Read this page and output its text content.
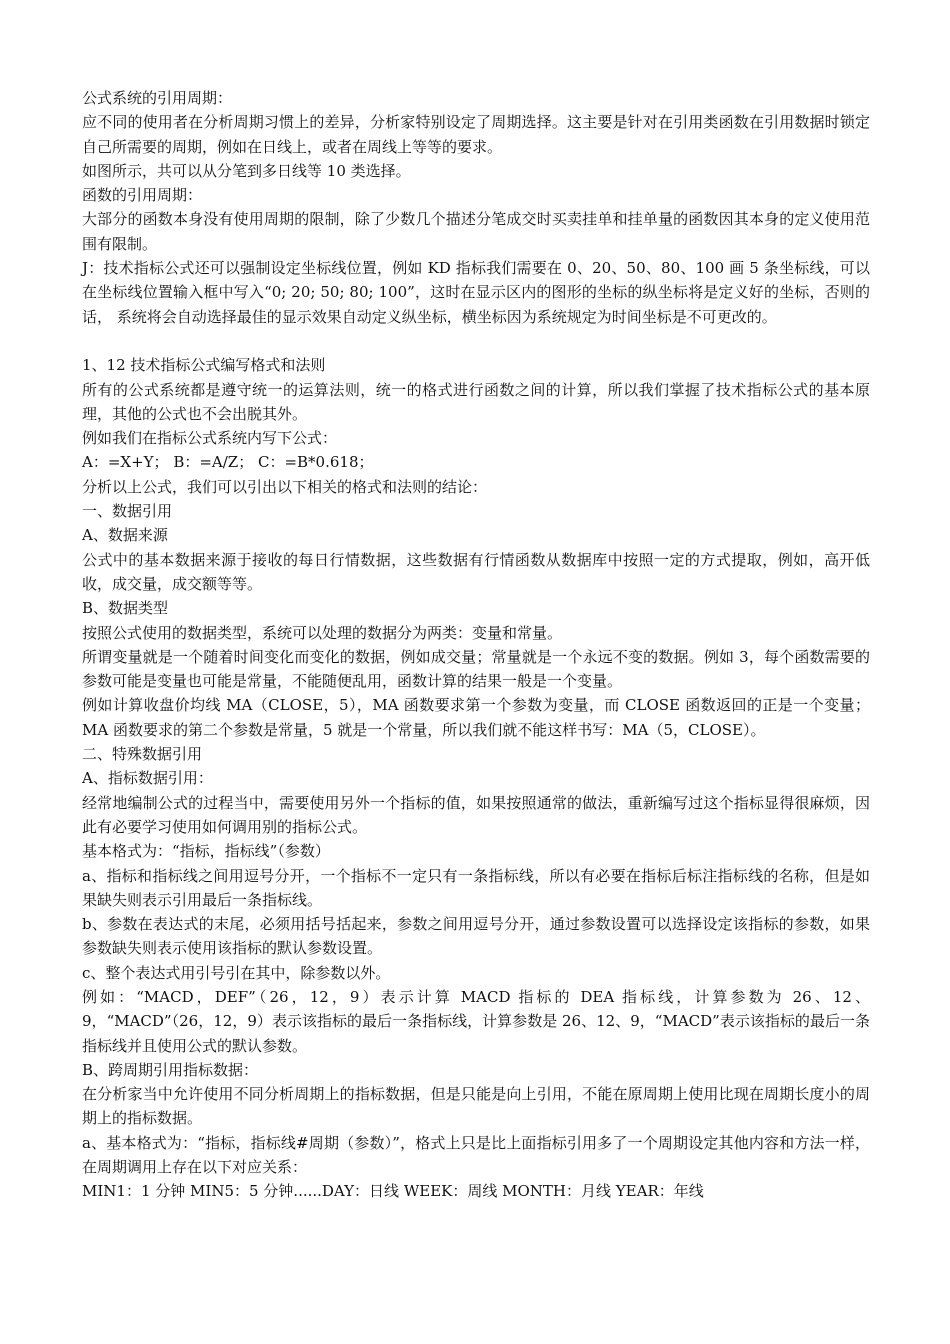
公式系统的引用周期：

应不同的使用者在分析周期习惯上的差异，分析家特别设定了周期选择。这主要是针对在引用类函数在引用数据时锁定自己所需要的周期，例如在日线上，或者在周线上等等的要求。

如图所示，共可以从分笔到多日线等 10 类选择。

函数的引用周期：

大部分的函数本身没有使用周期的限制，除了少数几个描述分笔成交时买卖挂单和挂单量的函数因其本身的定义使用范围有限制。

J：技术指标公式还可以强制设定坐标线位置，例如 KD 指标我们需要在 0、20、50、80、100 画 5 条坐标线，可以在坐标线位置输入框中写入“0; 20; 50; 80; 100”，这时在显示区内的图形的坐标的纵坐标将是定义好的坐标，否则的话， 系统将会自动选择最佳的显示效果自动定义纵坐标，横坐标因为系统规定为时间坐标是不可更改的。

1、12 技术指标公式编写格式和法则

所有的公式系统都是遵守统一的运算法则，统一的格式进行函数之间的计算，所以我们掌握了技术指标公式的基本原理，其他的公式也不会出脱其外。

例如我们在指标公式系统内写下公式：

A：=X+Y； B：=A/Z； C：=B*0.618；

分析以上公式，我们可以引出以下相关的格式和法则的结论：

一、数据引用

A、数据来源

公式中的基本数据来源于接收的每日行情数据，这些数据有行情函数从数据库中按照一定的方式提取，例如，高开低收，成交量，成交额等等。

B、数据类型

按照公式使用的数据类型，系统可以处理的数据分为两类：变量和常量。

所谓变量就是一个随着时间变化而变化的数据，例如成交量；常量就是一个永远不变的数据。例如 3，每个函数需要的参数可能是变量也可能是常量，不能随便乱用，函数计算的结果一般是一个变量。

例如计算收盘价均线 MA（CLOSE，5），MA 函数要求第一个参数为变量，而 CLOSE 函数返回的正是一个变量；MA 函数要求的第二个参数是常量，5 就是一个常量，所以我们就不能这样书写：MA（5，CLOSE）。

二、特殊数据引用

A、指标数据引用：

经常地编制公式的过程当中，需要使用另外一个指标的值，如果按照通常的做法，重新编写过这个指标显得很麻烦，因此有必要学习使用如何调用别的指标公式。

基本格式为：“指标，指标线”（参数）

a、指标和指标线之间用逗号分开，一个指标不一定只有一条指标线，所以有必要在指标后标注指标线的名称，但是如果缺失则表示引用最后一条指标线。

b、参数在表达式的末尾，必须用括号括起来，参数之间用逗号分开，通过参数设置可以选择设定该指标的参数，如果参数缺失则表示使用该指标的默认参数设置。

c、整个表达式用引号引在其中，除参数以外。

例如：“MACD，DEF”（26，12，9）表示计算 MACD 指标的 DEA 指标线，计算参数为 26、12、9，“MACD”（26，12，9）表示该指标的最后一条指标线，计算参数是 26、12、9，“MACD”表示该指标的最后一条指标线并且使用公式的默认参数。

B、跨周期引用指标数据：

在分析家当中允许使用不同分析周期上的指标数据，但是只能是向上引用，不能在原周期上使用比现在周期长度小的周期上的指标数据。

a、基本格式为：“指标，指标线#周期（参数）”，格式上只是比上面指标引用多了一个周期设定其他内容和方法一样，在周期调用上存在以下对应关系：

MIN1：1 分钟 MIN5：5 分钟......DAY：日线 WEEK：周线 MONTH：月线 YEAR：年线
